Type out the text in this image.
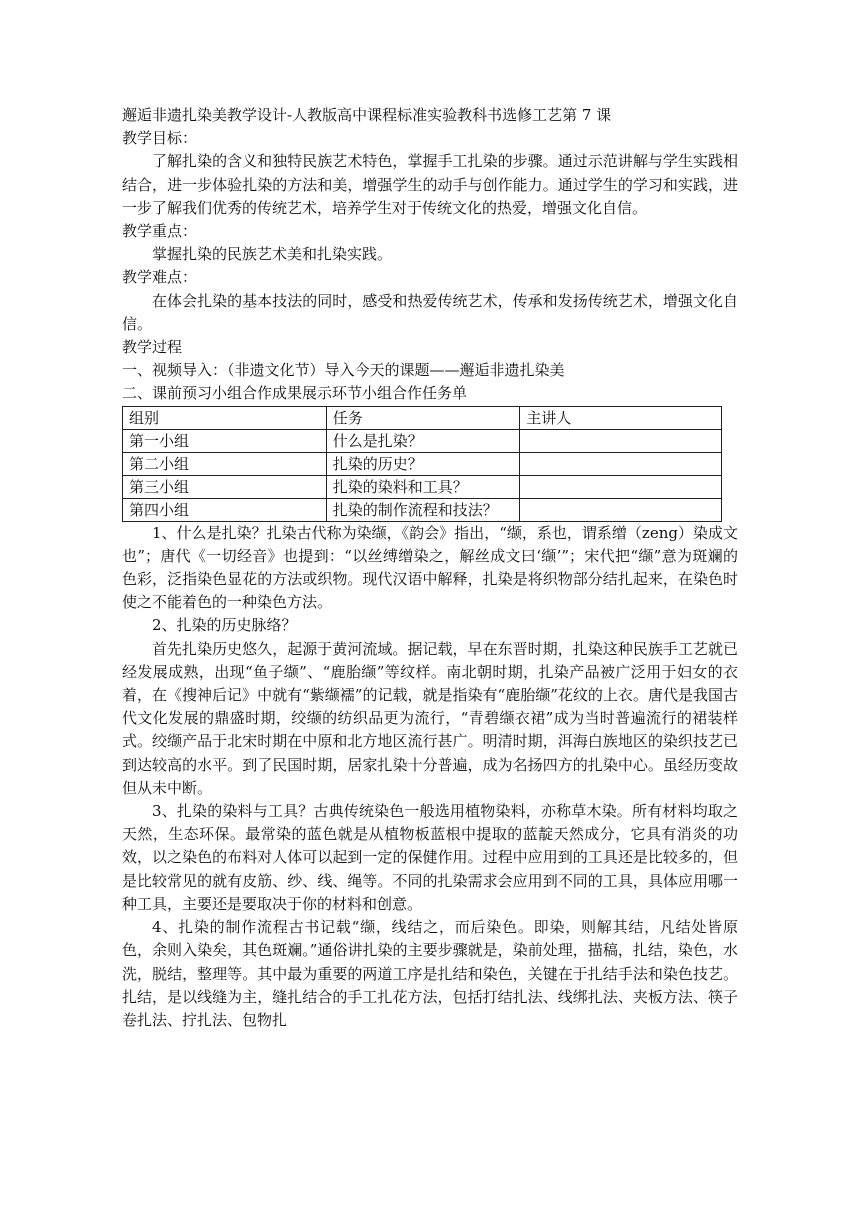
邂逅非遗扎染美教学设计-人教版高中课程标准实验教科书选修工艺第 7 课

教学目标：

了解扎染的含义和独特民族艺术特色，掌握手工扎染的步骤。通过示范讲解与学生实践相结合，进一步体验扎染的方法和美，增强学生的动手与创作能力。通过学生的学习和实践，进一步了解我们优秀的传统艺术，培养学生对于传统文化的热爱，增强文化自信。

教学重点：

掌握扎染的民族艺术美和扎染实践。

教学难点：

在体会扎染的基本技法的同时，感受和热爱传统艺术，传承和发扬传统艺术，增强文化自信。

教学过程

一、视频导入：（非遗文化节）导入今天的课题——邂逅非遗扎染美

二、课前预习小组合作成果展示环节小组合作任务单

组别	任务	主讲人
第一小组	什么是扎染？	
第二小组	扎染的历史？	
第三小组	扎染的染料和工具？	
第四小组	扎染的制作流程和技法？	

1、什么是扎染？扎染古代称为染缬，《韵会》指出，“缬，系也，谓系缯（zeng）染成文也”；唐代《一切经音》也提到：“以丝缚缯染之，解丝成文曰‘缬’”；宋代把“缬”意为斑斓的色彩，泛指染色显花的方法或织物。现代汉语中解释，扎染是将织物部分结扎起来，在染色时使之不能着色的一种染色方法。

2、扎染的历史脉络？

首先扎染历史悠久，起源于黄河流域。据记载，早在东晋时期，扎染这种民族手工艺就已经发展成熟，出现“鱼子缬”、“鹿胎缬”等纹样。南北朝时期，扎染产品被广泛用于妇女的衣着，在《搜神后记》中就有“紫缬襦”的记载，就是指染有“鹿胎缬”花纹的上衣。唐代是我国古代文化发展的鼎盛时期，绞缬的纺织品更为流行，“青碧缬衣裙”成为当时普遍流行的裙装样式。绞缬产品于北宋时期在中原和北方地区流行甚广。明清时期，洱海白族地区的染织技艺已到达较高的水平。到了民国时期，居家扎染十分普遍，成为名扬四方的扎染中心。虽经历变故但从未中断。

3、扎染的染料与工具？古典传统染色一般选用植物染料，亦称草木染。所有材料均取之天然，生态环保。最常染的蓝色就是从植物板蓝根中提取的蓝靛天然成分，它具有消炎的功效，以之染色的布料对人体可以起到一定的保健作用。过程中应用到的工具还是比较多的，但是比较常见的就有皮筋、纱、线、绳等。不同的扎染需求会应用到不同的工具，具体应用哪一种工具，主要还是要取决于你的材料和创意。

4、扎染的制作流程古书记载“缬，线结之，而后染色。即染，则解其结，凡结处皆原色，余则入染矣，其色斑斓。”通俗讲扎染的主要步骤就是，染前处理，描稿，扎结，染色，水洗，脱结，整理等。其中最为重要的两道工序是扎结和染色，关键在于扎结手法和染色技艺。扎结，是以线缝为主，缝扎结合的手工扎花方法，包括打结扎法、线绑扎法、夹板方法、筷子卷扎法、拧扎法、包物扎
